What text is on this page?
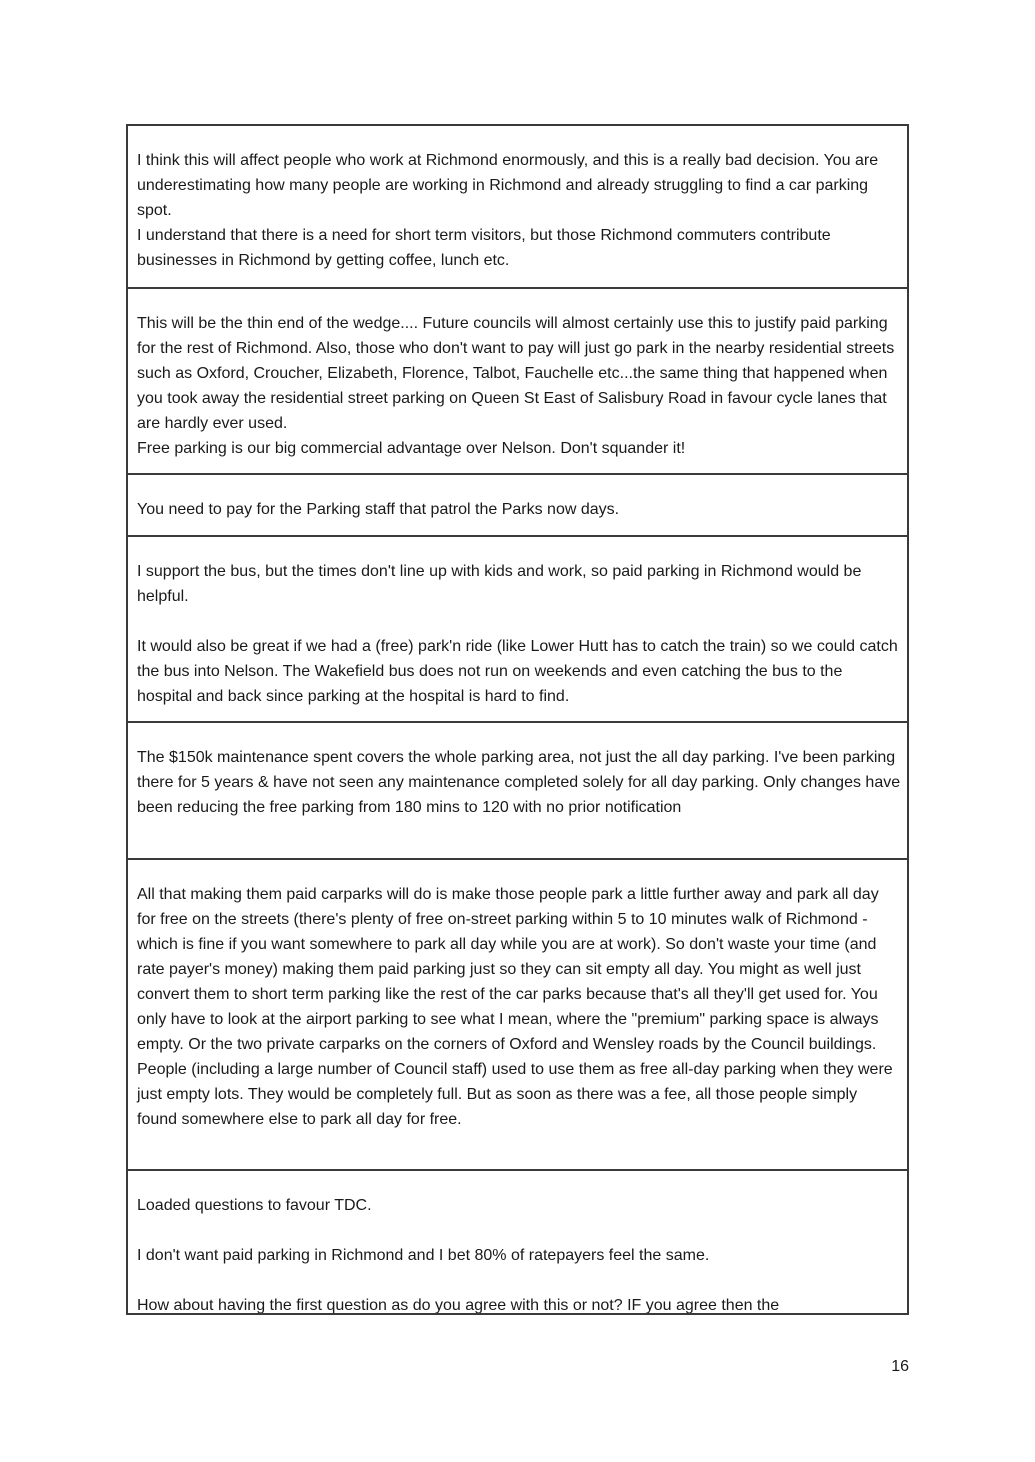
I think this will affect people who work at Richmond enormously, and this is a really bad decision. You are underestimating how many people are working in Richmond and already struggling to find a car parking spot.
I understand that there is a need for short term visitors, but those Richmond commuters contribute businesses in Richmond by getting coffee, lunch etc.

This will be the thin end of the wedge.... Future councils will almost certainly use this to justify paid parking for the rest of Richmond. Also, those who don't want to pay will just go park in the nearby residential streets such as Oxford, Croucher, Elizabeth, Florence, Talbot, Fauchelle etc...the same thing that happened when you took away the residential street parking on Queen St East of Salisbury Road in favour cycle lanes that are hardly ever used.
Free parking is our big commercial advantage over Nelson. Don't squander it!

You need to pay for the Parking staff that patrol the Parks now days.

I support the bus, but the times don't line up with kids and work, so paid parking in Richmond would be helpful.

It would also be great if we had a (free) park'n ride (like Lower Hutt has to catch the train) so we could catch the bus into Nelson. The Wakefield bus does not run on weekends and even catching the bus to the hospital and back since parking at the hospital is hard to find.

The $150k maintenance spent covers the whole parking area, not just the all day parking. I've been parking there for 5 years & have not seen any maintenance completed solely for all day parking. Only changes have been reducing the free parking from 180 mins to 120 with no prior notification

All that making them paid carparks will do is make those people park a little further away and park all day for free on the streets (there's plenty of free on-street parking within 5 to 10 minutes walk of Richmond - which is fine if you want somewhere to park all day while you are at work). So don't waste your time (and rate payer's money) making them paid parking just so they can sit empty all day. You might as well just convert them to short term parking like the rest of the car parks because that's all they'll get used for. You only have to look at the airport parking to see what I mean, where the "premium" parking space is always empty. Or the two private carparks on the corners of Oxford and Wensley roads by the Council buildings. People (including a large number of Council staff) used to use them as free all-day parking when they were just empty lots. They would be completely full. But as soon as there was a fee, all those people simply found somewhere else to park all day for free.

Loaded questions to favour TDC.

I don't want paid parking in Richmond and I bet 80% of ratepayers feel the same.

How about having the first question as do you agree with this or not? IF you agree then the

16
